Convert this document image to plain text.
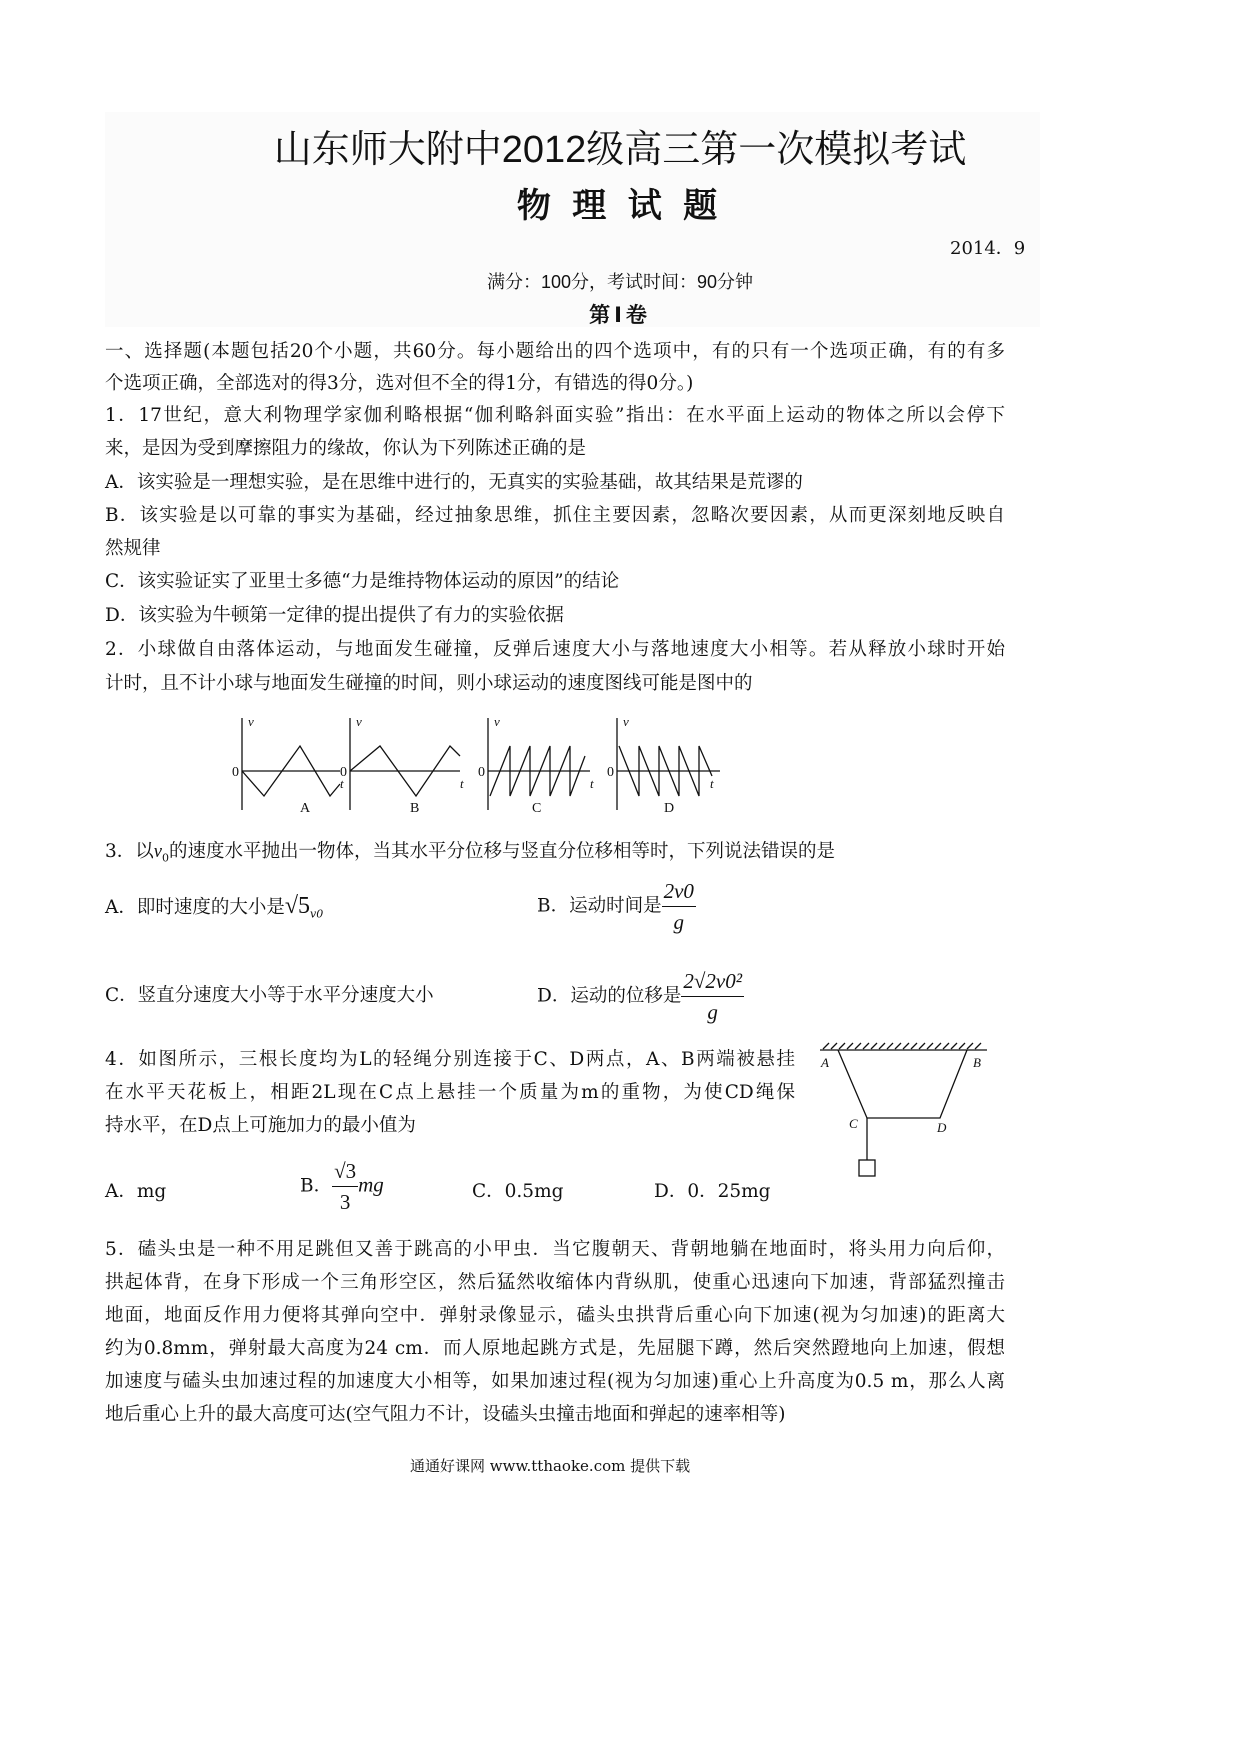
山东师大附中2012级高三第一次模拟考试
物 理 试 题
2014．9
满分：100分，考试时间：90分钟
第Ⅰ卷
一、选择题(本题包括20个小题，共60分。每小题给出的四个选项中，有的只有一个选项正确，有的有多
个选项正确，全部选对的得3分，选对但不全的得1分，有错选的得0分。)
1．17世纪，意大利物理学家伽利略根据“伽利略斜面实验”指出：在水平面上运动的物体之所以会停下
来，是因为受到摩擦阻力的缘故，你认为下列陈述正确的是
A．该实验是一理想实验，是在思维中进行的，无真实的实验基础，故其结果是荒谬的
B．该实验是以可靠的事实为基础，经过抽象思维，抓住主要因素，忽略次要因素，从而更深刻地反映自
然规律
C．该实验证实了亚里士多德“力是维持物体运动的原因”的结论
D．该实验为牛顿第一定律的提出提供了有力的实验依据
2．小球做自由落体运动，与地面发生碰撞，反弹后速度大小与落地速度大小相等。若从释放小球时开始
计时，且不计小球与地面发生碰撞的时间，则小球运动的速度图线可能是图中的
v	v	v	v
t	t	t	t
0	0	0	0
A	B	C	D
3．以$v_0$的速度水平抛出一物体，当其水平分位移与竖直分位移相等时，下列说法错误的是
A．即时速度的大小是$√5_{v0}$	B．运动时间是 $\frac{2v0}{g}$
C．竖直分速度大小等于水平分速度大小	D．运动的位移是 $\frac{\text{2√2v0²}}{g}$
4．如图所示，三根长度均为L的轻绳分别连接于C、D两点，A、B两端被悬挂
在水平天花板上，相距2L现在C点上悬挂一个质量为m的重物，为使CD绳保
持水平，在D点上可施加力的最小值为
A	B
C	D
A．mg	B． $\frac{√3}{3}$ mg	C．0.5mg	D．0．25mg
5．磕头虫是一种不用足跳但又善于跳高的小甲虫．当它腹朝天、背朝地躺在地面时，将头用力向后仰，
拱起体背，在身下形成一个三角形空区，然后猛然收缩体内背纵肌，使重心迅速向下加速，背部猛烈撞击
地面，地面反作用力便将其弹向空中．弹射录像显示，磕头虫拱背后重心向下加速(视为匀加速)的距离大
约为0.8mm，弹射最大高度为24 cm．而人原地起跳方式是，先屈腿下蹲，然后突然蹬地向上加速，假想
加速度与磕头虫加速过程的加速度大小相等，如果加速过程(视为匀加速)重心上升高度为0.5 m，那么人离
地后重心上升的最大高度可达(空气阻力不计，设磕头虫撞击地面和弹起的速率相等)
通通好课网 www.tthaoke.com 提供下载
